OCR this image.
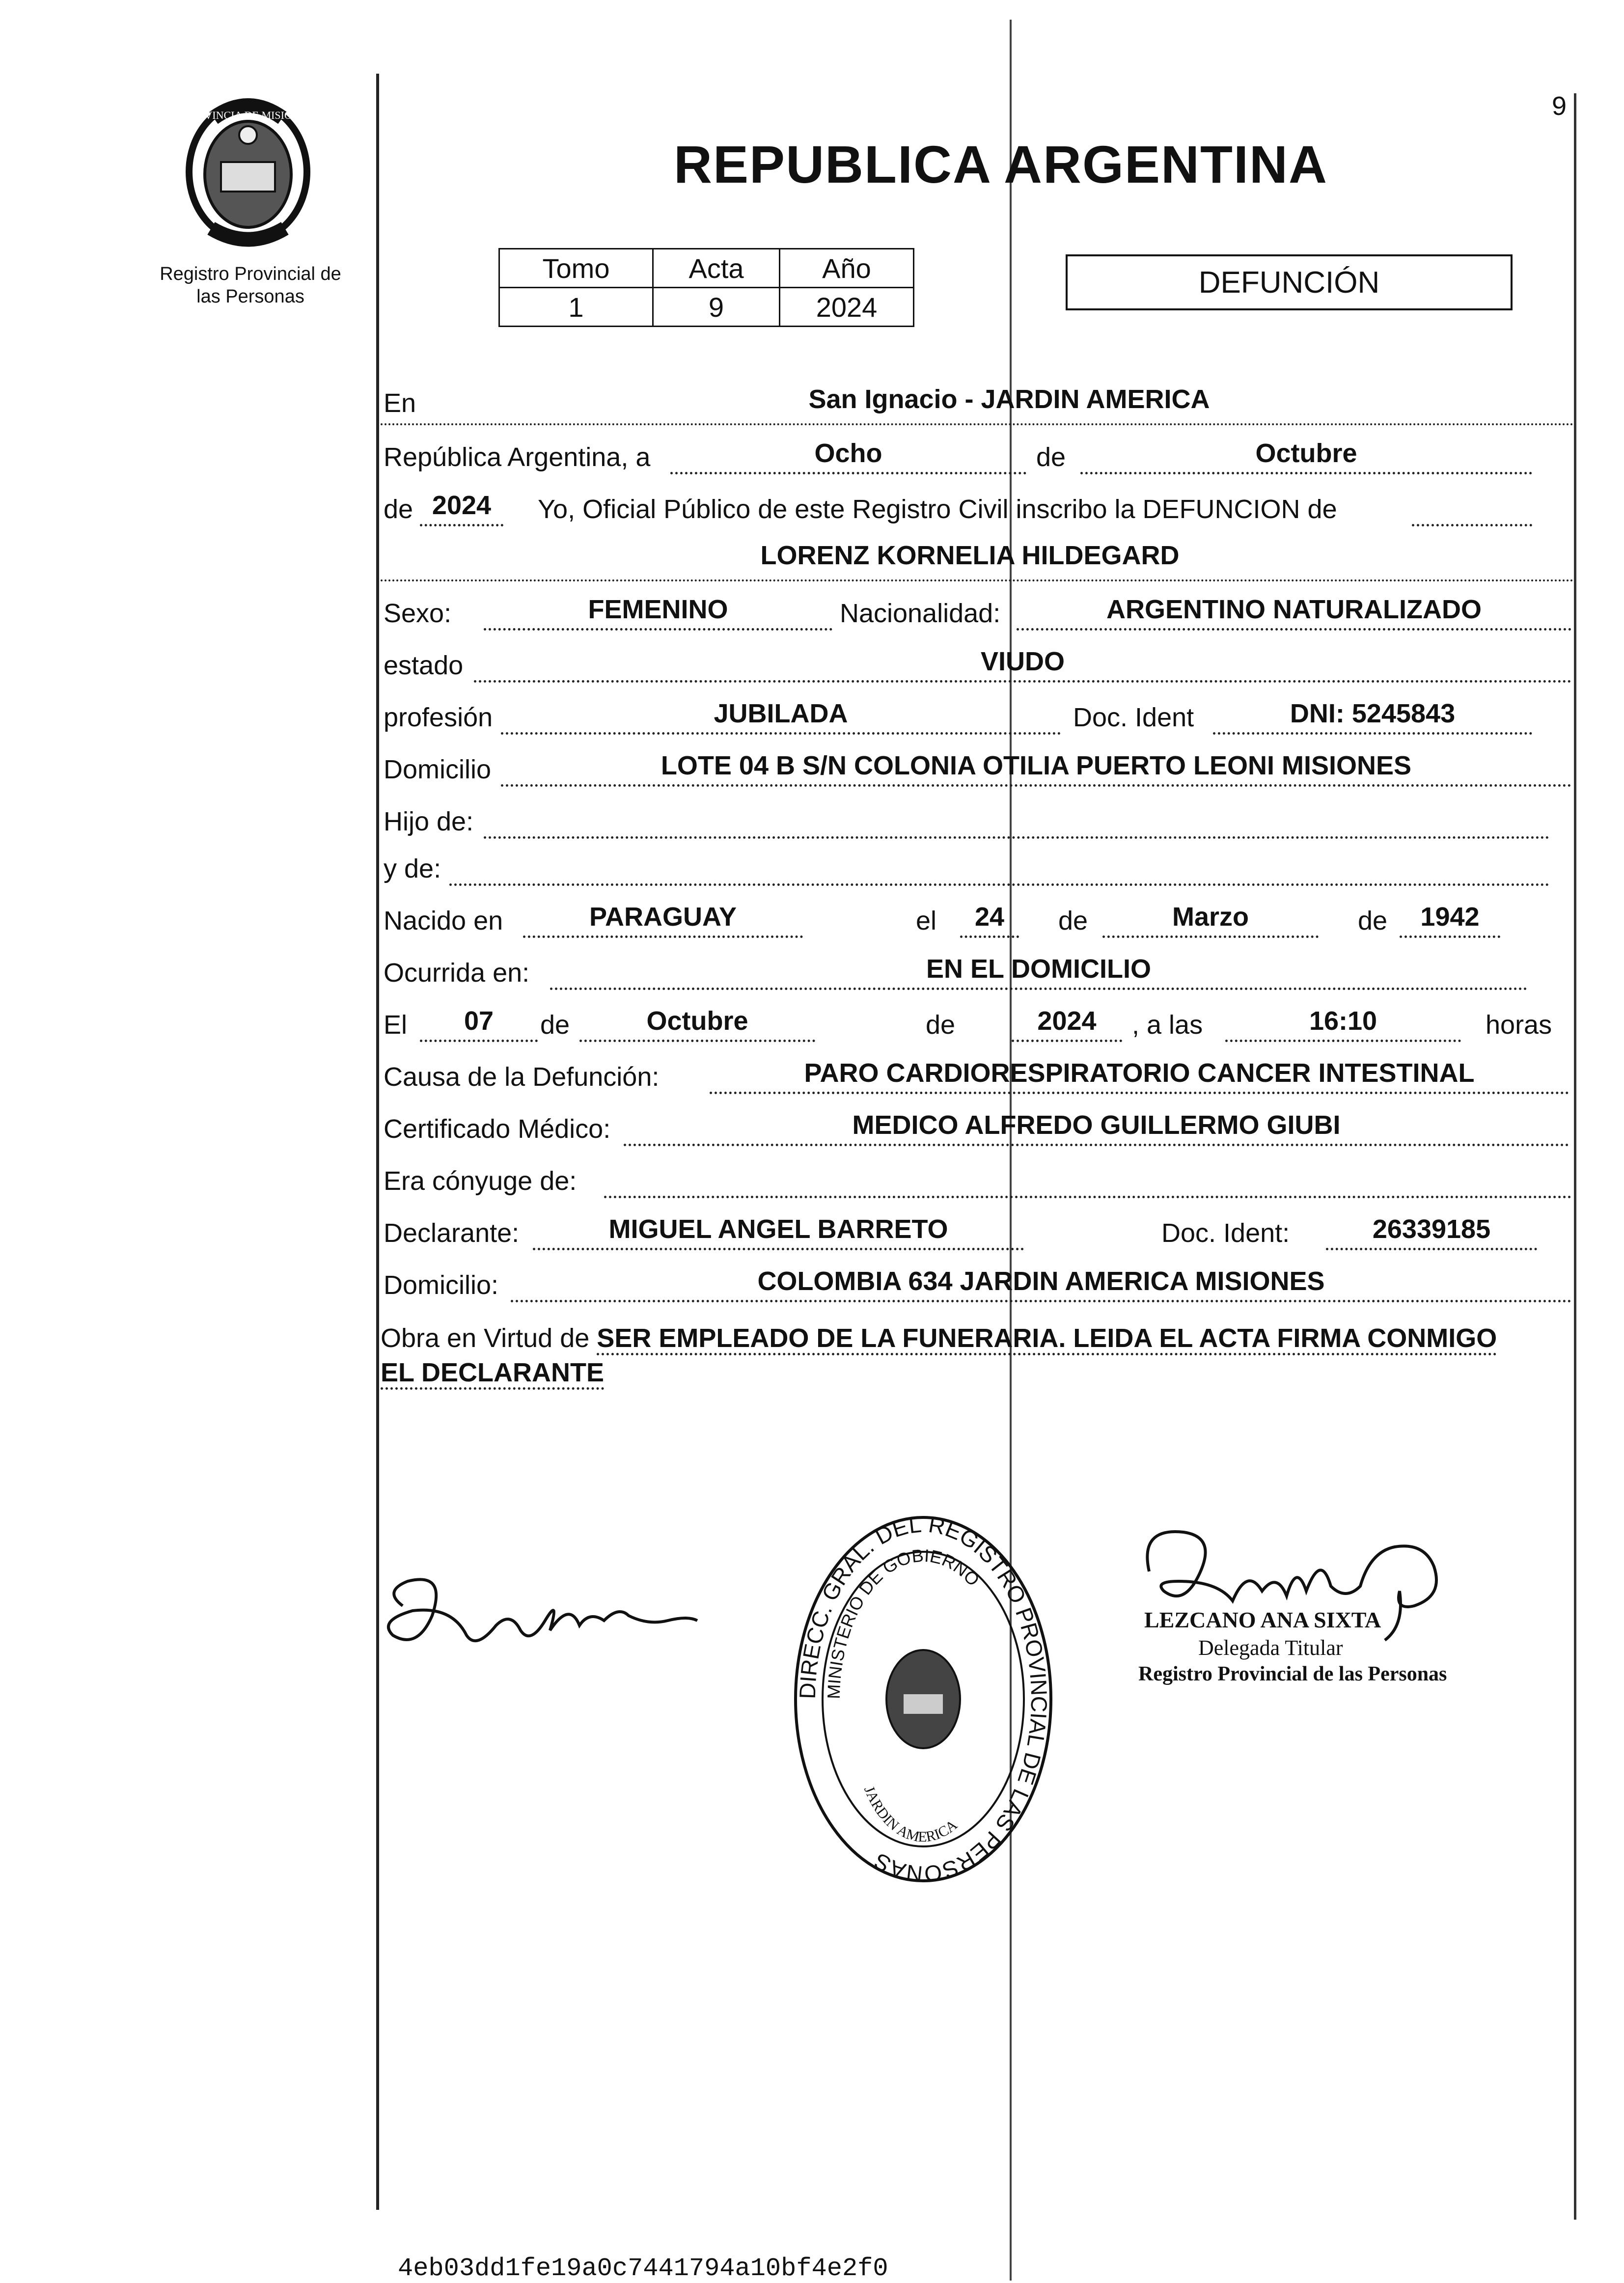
PROVINCIA DE MISIONES
Registro Provincial de
las Personas
9
REPUBLICA ARGENTINA
Tomo	Acta	Año
1	9	2024
DEFUNCIÓN
En	San Ignacio - JARDIN AMERICA
República Argentina, a	Ocho	de	Octubre
de 2024	Yo, Oficial Público de este Registro Civil inscribo la DEFUNCION de
LORENZ KORNELIA HILDEGARD
Sexo:	FEMENINO	Nacionalidad:	ARGENTINO NATURALIZADO
estado	VIUDO
profesión	JUBILADA	Doc. Ident	DNI: 5245843
Domicilio	LOTE 04 B S/N COLONIA OTILIA PUERTO LEONI MISIONES
Hijo de:
y de:
Nacido en	PARAGUAY	el	24	de	Marzo	de	1942
Ocurrida en:	EN EL DOMICILIO
El	07	de	Octubre	de	2024	, a las	16:10	horas
Causa de la Defunción:	PARO CARDIORESPIRATORIO CANCER INTESTINAL
Certificado Médico:	MEDICO ALFREDO GUILLERMO GIUBI
Era cónyuge de:
Declarante:	MIGUEL ANGEL BARRETO	Doc. Ident:	26339185
Domicilio:	COLOMBIA 634 JARDIN AMERICA MISIONES
Obra en Virtud de SER EMPLEADO DE LA FUNERARIA. LEIDA EL ACTA FIRMA CONMIGO
EL DECLARANTE
DIRECC. GRAL. DEL REGISTRO PROVINCIAL DE LAS PERSONAS
MINISTERIO DE GOBIERNO
JARDIN AMERICA
LEZCANO ANA SIXTA
Delegada Titular
Registro Provincial de las Personas
4eb03dd1fe19a0c7441794a10bf4e2f0
